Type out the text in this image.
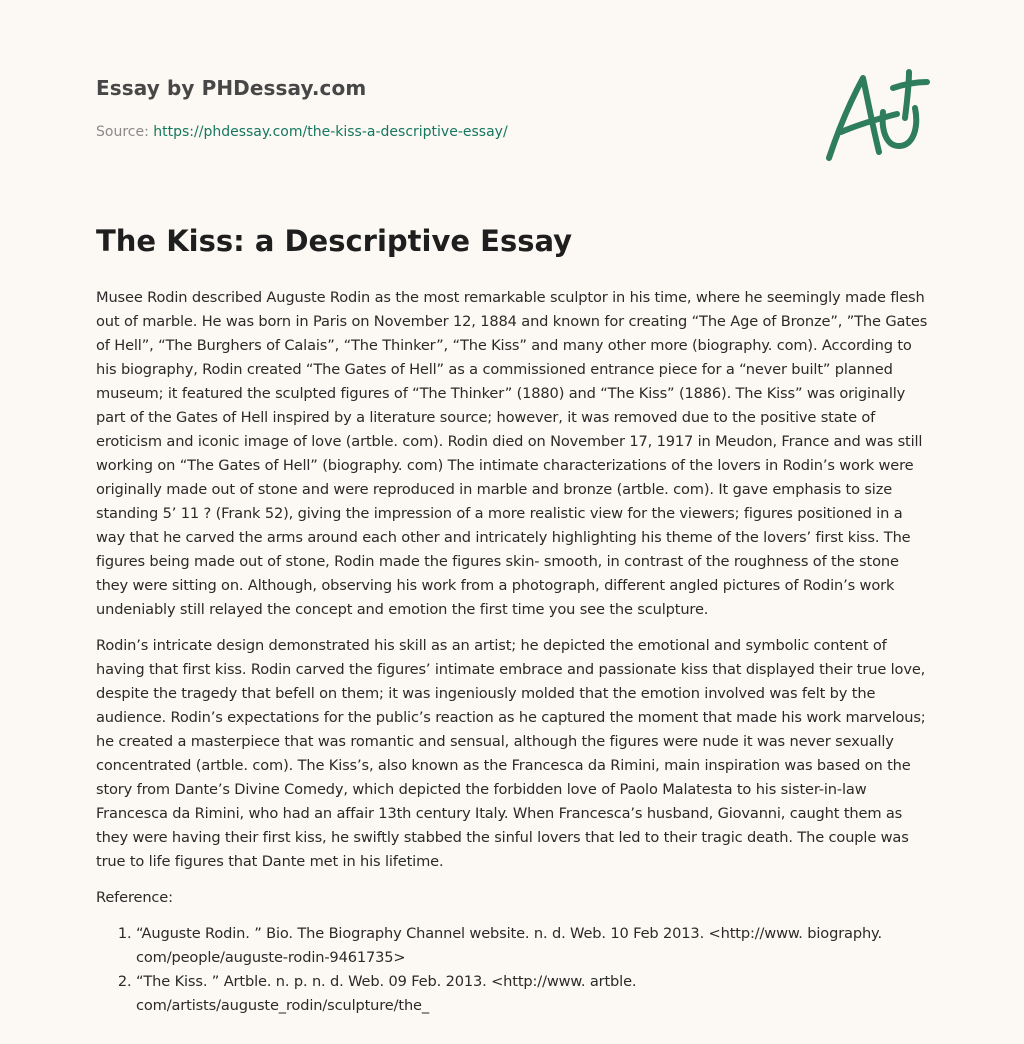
Essay by PHDessay.com
Source: https://phdessay.com/the-kiss-a-descriptive-essay/
The Kiss: a Descriptive Essay

Musee Rodin described Auguste Rodin as the most remarkable sculptor in his time, where he seemingly made flesh out of marble. He was born in Paris on November 12, 1884 and known for creating “The Age of Bronze”, ”The Gates of Hell”, “The Burghers of Calais”, “The Thinker”, “The Kiss” and many other more (biography. com). According to his biography, Rodin created “The Gates of Hell” as a commissioned entrance piece for a “never built” planned museum; it featured the sculpted figures of “The Thinker” (1880) and “The Kiss” (1886). The Kiss” was originally part of the Gates of Hell inspired by a literature source; however, it was removed due to the positive state of eroticism and iconic image of love (artble. com). Rodin died on November 17, 1917 in Meudon, France and was still working on “The Gates of Hell” (biography. com) The intimate characterizations of the lovers in Rodin’s work were originally made out of stone and were reproduced in marble and bronze (artble. com). It gave emphasis to size standing 5’ 11 ? (Frank 52), giving the impression of a more realistic view for the viewers; figures positioned in a way that he carved the arms around each other and intricately highlighting his theme of the lovers’ first kiss. The figures being made out of stone, Rodin made the figures skin- smooth, in contrast of the roughness of the stone they were sitting on. Although, observing his work from a photograph, different angled pictures of Rodin’s work undeniably still relayed the concept and emotion the first time you see the sculpture.

Rodin’s intricate design demonstrated his skill as an artist; he depicted the emotional and symbolic content of having that first kiss. Rodin carved the figures’ intimate embrace and passionate kiss that displayed their true love, despite the tragedy that befell on them; it was ingeniously molded that the emotion involved was felt by the audience. Rodin’s expectations for the public’s reaction as he captured the moment that made his work marvelous; he created a masterpiece that was romantic and sensual, although the figures were nude it was never sexually concentrated (artble. com). The Kiss’s, also known as the Francesca da Rimini, main inspiration was based on the story from Dante’s Divine Comedy, which depicted the forbidden love of Paolo Malatesta to his sister-in-law Francesca da Rimini, who had an affair 13th century Italy. When Francesca’s husband, Giovanni, caught them as they were having their first kiss, he swiftly stabbed the sinful lovers that led to their tragic death. The couple was true to life figures that Dante met in his lifetime.

Reference:

1. “Auguste Rodin. ” Bio. The Biography Channel website. n. d. Web. 10 Feb 2013. <http://www. biography. com/people/auguste-rodin-9461735>
2. “The Kiss. ” Artble. n. p. n. d. Web. 09 Feb. 2013. <http://www. artble. com/artists/auguste_rodin/sculpture/the_
